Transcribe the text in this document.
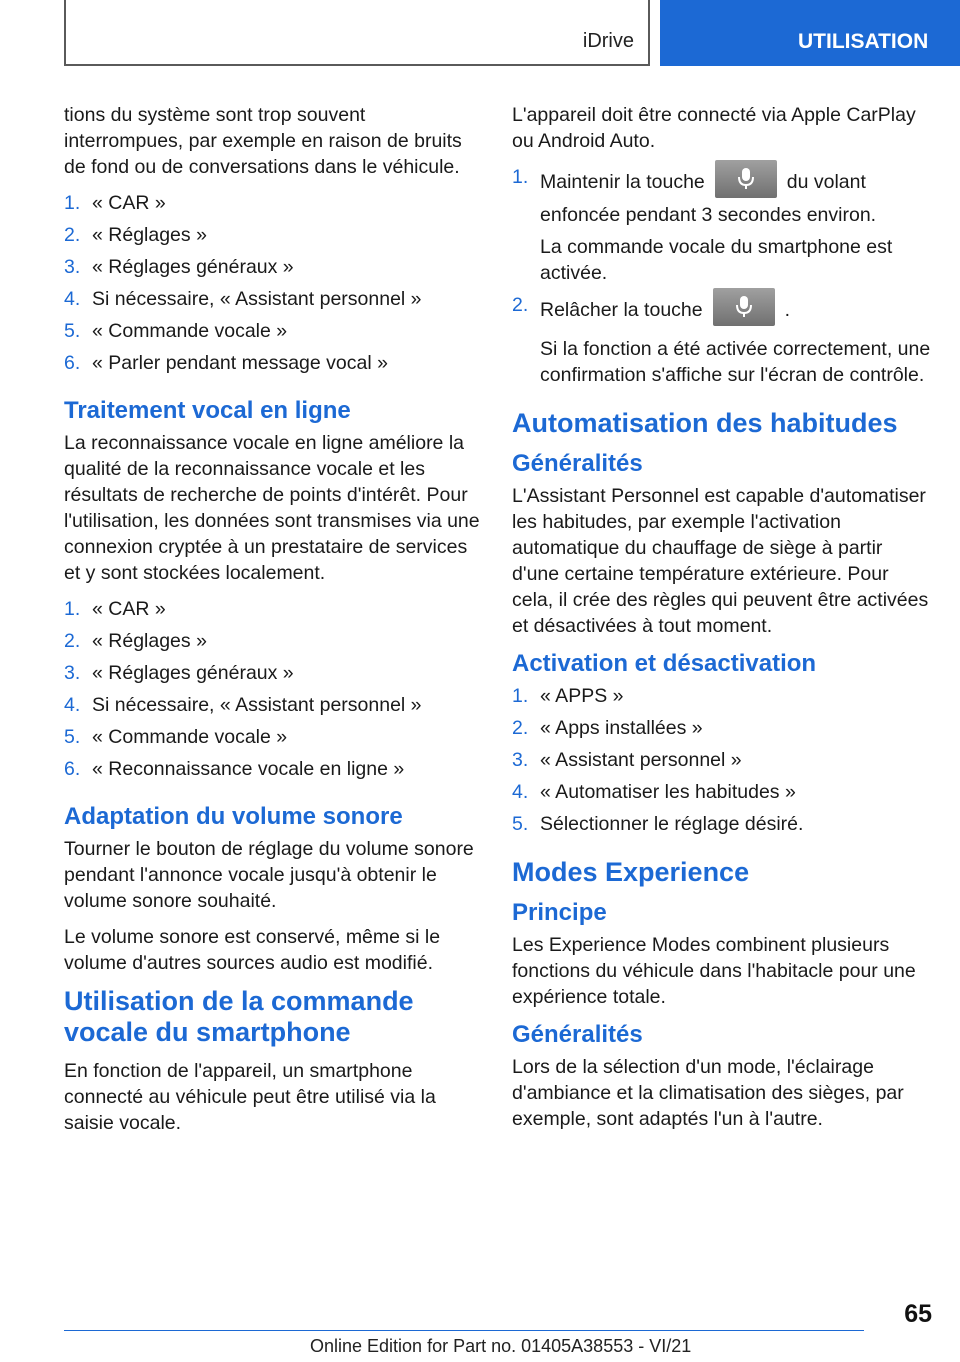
iDrive	UTILISATION

tions du système sont trop souvent interrompues, par exemple en raison de bruits de fond ou de conversations dans le véhicule.

1. « CAR »
2. « Réglages »
3. « Réglages généraux »
4. Si nécessaire, « Assistant personnel »
5. « Commande vocale »
6. « Parler pendant message vocal »
Traitement vocal en ligne

La reconnaissance vocale en ligne améliore la qualité de la reconnaissance vocale et les résultats de recherche de points d'intérêt. Pour l'utilisation, les données sont transmises via une connexion cryptée à un prestataire de services et y sont stockées localement.

1. « CAR »
2. « Réglages »
3. « Réglages généraux »
4. Si nécessaire, « Assistant personnel »
5. « Commande vocale »
6. « Reconnaissance vocale en ligne »
Adaptation du volume sonore

Tourner le bouton de réglage du volume sonore pendant l'annonce vocale jusqu'à obtenir le volume sonore souhaité.

Le volume sonore est conservé, même si le volume d'autres sources audio est modifié.

Utilisation de la commande vocale du smartphone

En fonction de l'appareil, un smartphone connecté au véhicule peut être utilisé via la saisie vocale.

L'appareil doit être connecté via Apple CarPlay ou Android Auto.

1. Maintenir la touche	du volant enfoncée pendant 3 secondes environ.

La commande vocale du smartphone est activée.

2. Relâcher la touche	.

Si la fonction a été activée correctement, une confirmation s'affiche sur l'écran de contrôle.

Automatisation des habitudes
Généralités

L'Assistant Personnel est capable d'automatiser les habitudes, par exemple l'activation automatique du chauffage de siège à partir d'une certaine température extérieure. Pour cela, il crée des règles qui peuvent être activées et désactivées à tout moment.

Activation et désactivation
1. « APPS »
2. « Apps installées »
3. « Assistant personnel »
4. « Automatiser les habitudes »
5. Sélectionner le réglage désiré.
Modes Experience
Principe

Les Experience Modes combinent plusieurs fonctions du véhicule dans l'habitacle pour une expérience totale.

Généralités

Lors de la sélection d'un mode, l'éclairage d'ambiance et la climatisation des sièges, par exemple, sont adaptés l'un à l'autre.

65
Online Edition for Part no. 01405A38553 - VI/21
